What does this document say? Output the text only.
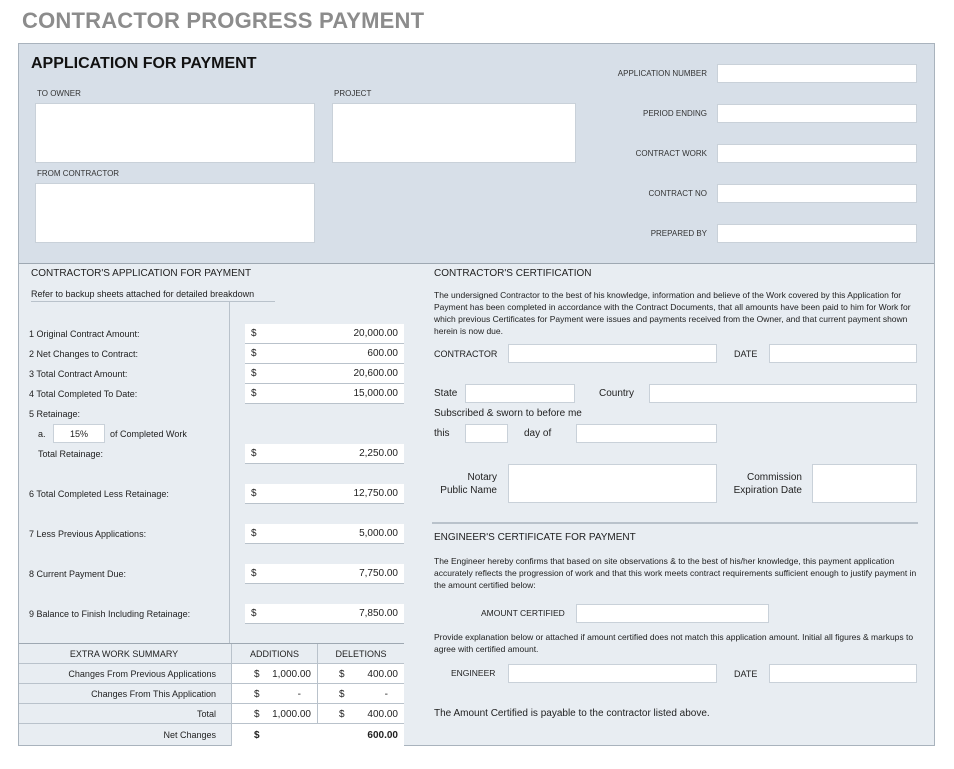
CONTRACTOR PROGRESS PAYMENT
APPLICATION FOR PAYMENT
TO OWNER	PROJECT
FROM CONTRACTOR
APPLICATION NUMBER
PERIOD ENDING
CONTRACT WORK
CONTRACT NO
PREPARED BY
CONTRACTOR'S APPLICATION FOR PAYMENT
Refer to backup sheets attached for detailed breakdown
1 Original Contract Amount:	$	20,000.00
2 Net Changes to Contract:	$	600.00
3 Total Contract Amount:	$	20,600.00
4 Total Completed To Date:	$	15,000.00
5 Retainage:
a.	15%	of Completed Work
Total Retainage:	$	2,250.00
6 Total Completed Less Retainage:	$	12,750.00
7 Less Previous Applications:	$	5,000.00
8 Current Payment Due:	$	7,750.00
9 Balance to Finish Including Retainage:	$	7,850.00
EXTRA WORK SUMMARY	ADDITIONS	DELETIONS
Changes From Previous Applications	$ 1,000.00	$ 400.00
Changes From This Application	$	-	$	-
Total	$ 1,000.00	$ 400.00
Net Changes	$	600.00
CONTRACTOR'S CERTIFICATION
The undersigned Contractor to the best of his knowledge, information and believe of the Work covered by this Application for Payment has been completed in accordance with the Contract Documents, that all amounts have been paid to him for Work for which previous Certificates for Payment were issues and payments received from the Owner, and that current payment shown herein is now due.
CONTRACTOR	DATE
State	Country
Subscribed & sworn to before me
this	day of
Notary
Public Name
Commission
Expiration Date
ENGINEER'S CERTIFICATE FOR PAYMENT
The Engineer hereby confirms that based on site observations & to the best of his/her knowledge, this payment application accurately reflects the progression of work and that this work meets contract requirements sufficient enough to justify payment in the amount certified below:
AMOUNT CERTIFIED
Provide explanation below or attached if amount certified does not match this application amount. Initial all figures & markups to agree with certified amount.
ENGINEER	DATE
The Amount Certified is payable to the contractor listed above.
